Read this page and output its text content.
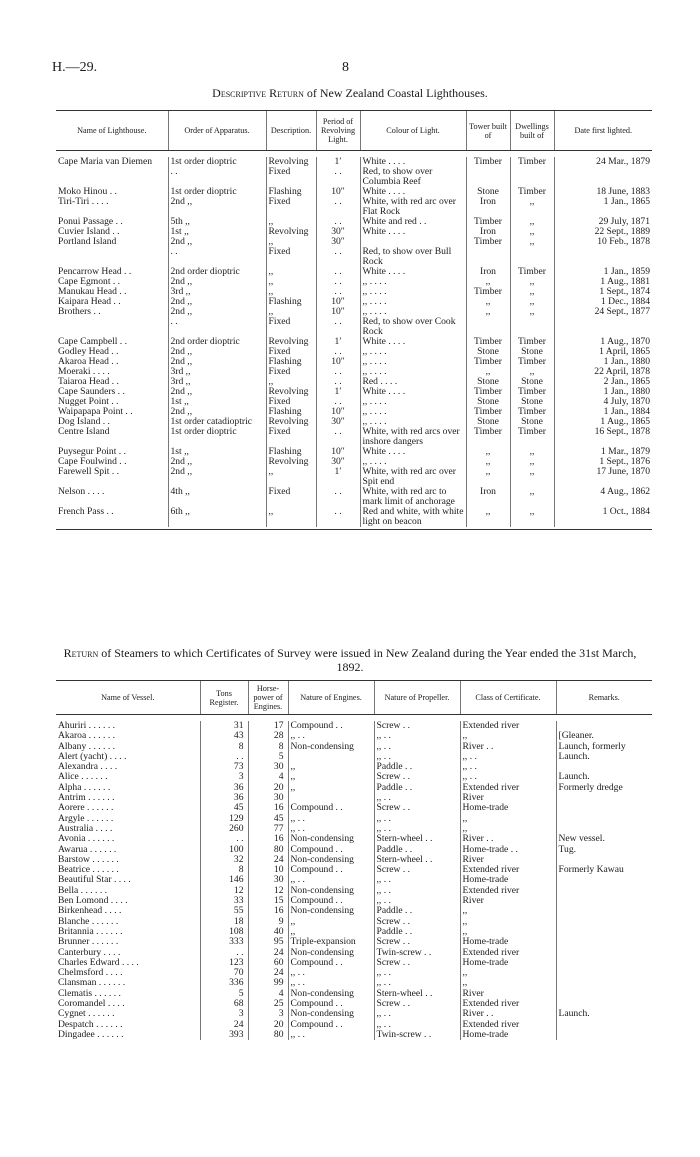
H.—29.	8
Descriptive Return of New Zealand Coastal Lighthouses.
Name of Lighthouse.	Order of Apparatus.	Description.	Period of Revolving Light.	Colour of Light.	Tower built of	Dwellings built of	Date first lighted.

Cape Maria van Diemen	1st order dioptric	Revolving	1′	White . . . .	Timber	Timber	24 Mar., 1879
	. .	Fixed	. .	Red, to show over Columbia Reef			
Moko Hinou . .	1st order dioptric	Flashing	10″	White . . . .	Stone	Timber	18 June, 1883
Tiri-Tiri . . . .	2nd ,,	Fixed	. .	White, with red arc over Flat Rock	Iron	,,	1 Jan., 1865
Ponui Passage . .	5th ,,	,,	. .	White and red . .	Timber	,,	29 July, 1871
Cuvier Island . .	1st ,,	Revolving	30″	White . . . .	Iron	,,	22 Sept., 1889
Portland Island	2nd ,,	,,	30″		Timber	,,	10 Feb., 1878
	. .	Fixed	. .	Red, to show over Bull Rock			
Pencarrow Head . .	2nd order dioptric	,,	. .	White . . . .	Iron	Timber	1 Jan., 1859
Cape Egmont . .	2nd ,,	,,	. .	,, . . . .	,,	,,	1 Aug., 1881
Manukau Head . .	3rd ,,	,,	. .	,, . . . .	Timber	,,	1 Sept., 1874
Kaipara Head . .	2nd ,,	Flashing	10″	,, . . . .	,,	,,	1 Dec., 1884
Brothers . .	2nd ,,	,,	10″	,, . . . .	,,	,,	24 Sept., 1877
	. .	Fixed	. .	Red, to show over Cook Rock			
Cape Campbell . .	2nd order dioptric	Revolving	1′	White . . . .	Timber	Timber	1 Aug., 1870
Godley Head . .	2nd ,,	Fixed	. .	,, . . . .	Stone	Stone	1 April, 1865
Akaroa Head . .	2nd ,,	Flashing	10″	,, . . . .	Timber	Timber	1 Jan., 1880
Moeraki . . . .	3rd ,,	Fixed	. .	,, . . . .	,,	,,	22 April, 1878
Taiaroa Head . .	3rd ,,	,,	. .	Red . . . .	Stone	Stone	2 Jan., 1865
Cape Saunders . .	2nd ,,	Revolving	1′	White . . . .	Timber	Timber	1 Jan., 1880
Nugget Point . .	1st ,,	Fixed	. .	,, . . . .	Stone	Stone	4 July, 1870
Waipapapa Point . .	2nd ,,	Flashing	10″	,, . . . .	Timber	Timber	1 Jan., 1884
Dog Island . .	1st order catadioptric	Revolving	30″	,, . . . .	Stone	Stone	1 Aug., 1865
Centre Island	1st order dioptric	Fixed	. .	White, with red arcs over inshore dangers	Timber	Timber	16 Sept., 1878
Puysegur Point . .	1st ,,	Flashing	10″	White . . . .	,,	,,	1 Mar., 1879
Cape Foulwind . .	2nd ,,	Revolving	30″	,, . . . .	,,	,,	1 Sept., 1876
Farewell Spit . .	2nd ,,	,,	1′	White, with red arc over Spit end	,,	,,	17 June, 1870
Nelson . . . .	4th ,,	Fixed	. .	White, with red arc to mark limit of anchorage	Iron	,,	4 Aug., 1862
French Pass . .	6th ,,	,,	. .	Red and white, with white light on beacon	,,	,,	1 Oct., 1884

Return of Steamers to which Certificates of Survey were issued in New Zealand during the Year ended the 31st March, 1892.
Name of Vessel.	Tons Register.	Horse-power of Engines.	Nature of Engines.	Nature of Propeller.	Class of Certificate.	Remarks.

Ahuriri . . . . . .	31	17	Compound . .	Screw . .	Extended river	
Akaroa . . . . . .	43	28	,, . .	,, . .	,,	[Gleaner.
Albany . . . . . .	8	8	Non-condensing	,, . .	River . .	Launch, formerly
Alert (yacht) . . . .	. .	5		,, . .	,, . .	Launch.
Alexandra . . . .	73	30	,,	Paddle . .	,, . .	
Alice . . . . . .	3	4	,,	Screw . .	,, . .	Launch.
Alpha . . . . . .	36	20	,,	Paddle . .	Extended river	Formerly dredge
Antrim . . . . . .	36	30		,, . .	River	
Aorere . . . . . .	45	16	Compound . .	Screw . .	Home-trade	
Argyle . . . . . .	129	45	,, . .	,, . .	,,	
Australia . . . .	260	77	,, . .	,, . .	,,	
Avonia . . . . . .	. .	16	Non-condensing	Stern-wheel . .	River . .	New vessel.
Awarua . . . . . .	100	80	Compound . .	Paddle . .	Home-trade . .	Tug.
Barstow . . . . . .	32	24	Non-condensing	Stern-wheel . .	River	
Beatrice . . . . . .	8	10	Compound . .	Screw . .	Extended river	Formerly Kawau
Beautiful Star . . . .	146	30	,, . .	,, . .	Home-trade	
Bella . . . . . .	12	12	Non-condensing	,, . .	Extended river	
Ben Lomond . . . .	33	15	Compound . .	,, . .	River	
Birkenhead . . . .	55	16	Non-condensing	Paddle . .	,,	
Blanche . . . . . .	18	9	,,	Screw . .	,,	
Britannia . . . . . .	108	40	,,	Paddle . .	,,	
Brunner . . . . . .	333	95	Triple-expansion	Screw . .	Home-trade	
Canterbury . . . .	. .	24	Non-condensing	Twin-screw . .	Extended river	
Charles Edward . . . .	123	60	Compound . .	Screw . .	Home-trade	
Chelmsford . . . .	70	24	,, . .	,, . .	,,	
Clansman . . . . . .	336	99	,, . .	,, . .	,,	
Clematis . . . . . .	5	4	Non-condensing	Stern-wheel . .	River	
Coromandel . . . .	68	25	Compound . .	Screw . .	Extended river	
Cygnet . . . . . .	3	3	Non-condensing	,, . .	River . .	Launch.
Despatch . . . . . .	24	20	Compound . .	,, . .	Extended river	
Dingadee . . . . . .	393	80	,, . .	Twin-screw . .	Home-trade	
